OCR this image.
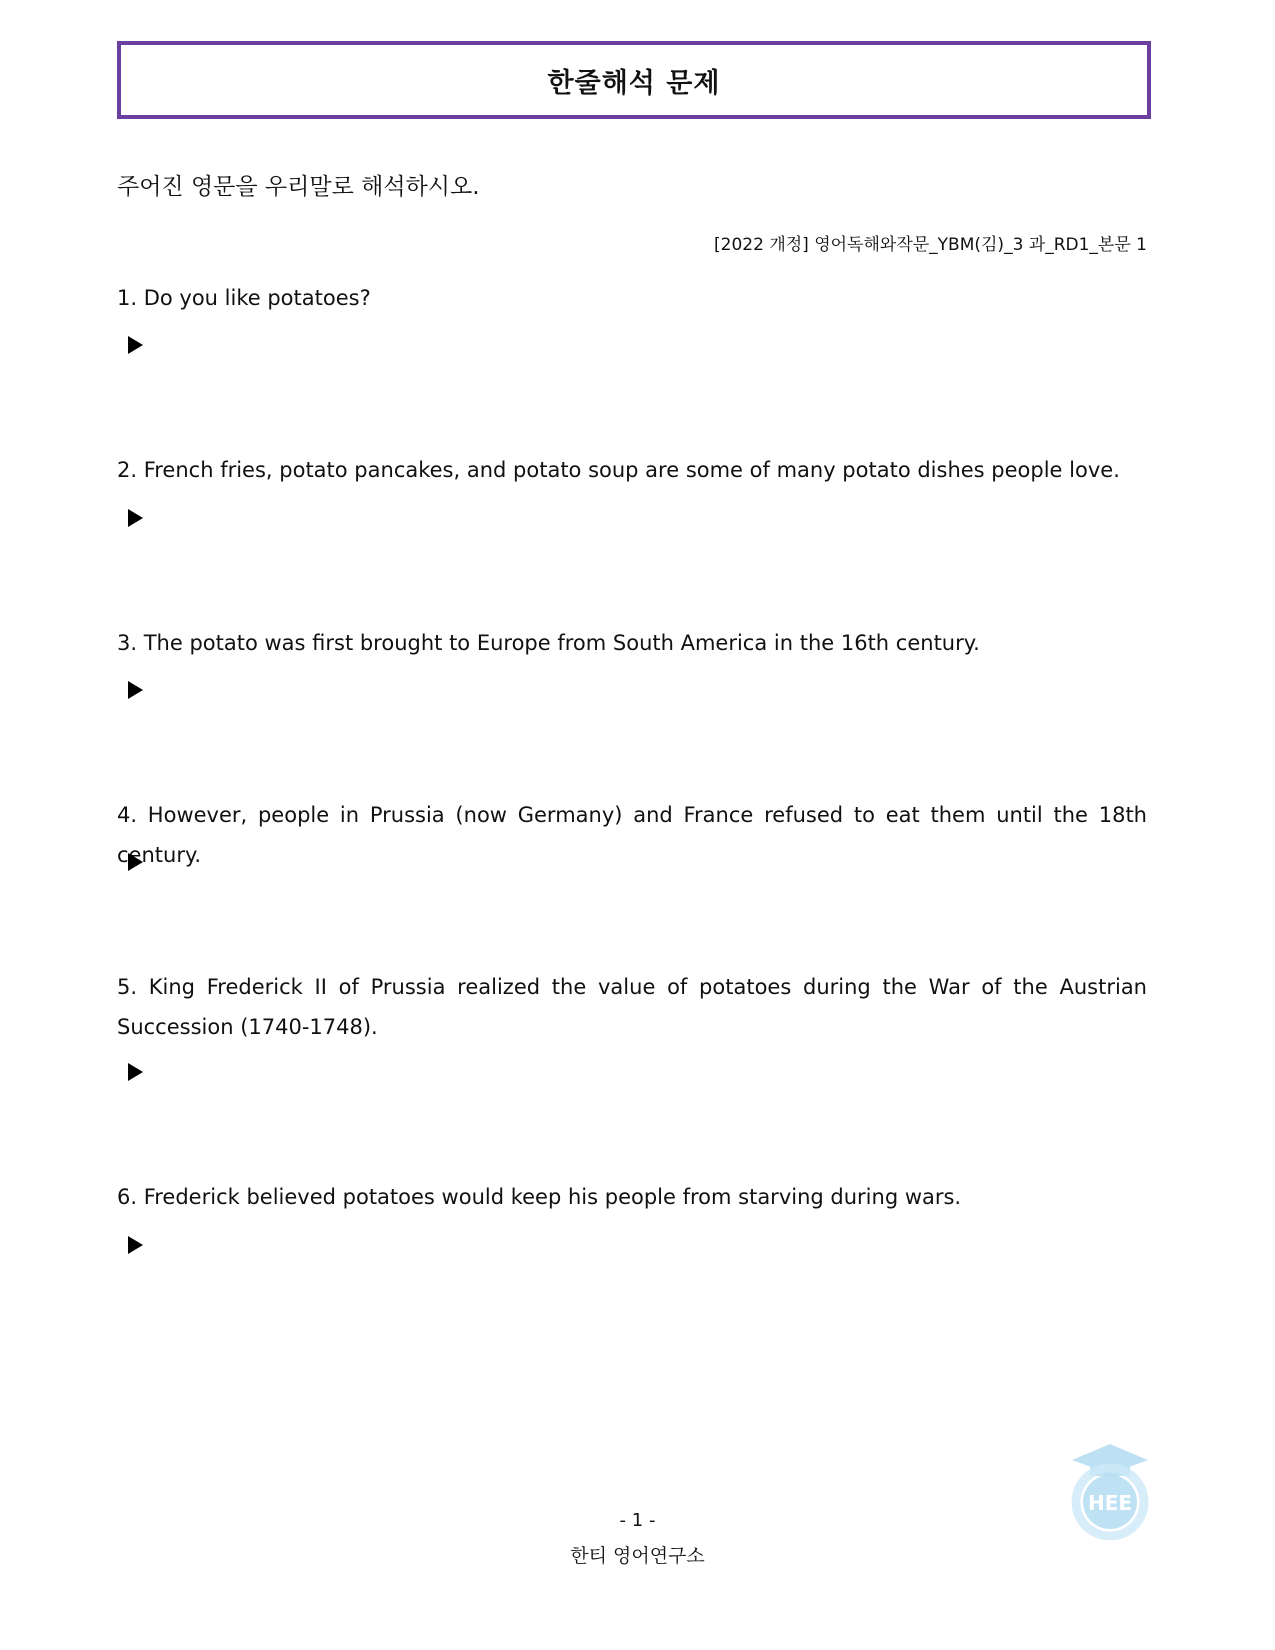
한줄해석 문제
주어진 영문을 우리말로 해석하시오.
[2022 개정] 영어독해와작문_YBM(김)_3 과_RD1_본문 1
1. Do you like potatoes?
2. French fries, potato pancakes, and potato soup are some of many potato dishes people love.
3. The potato was first brought to Europe from South America in the 16th century.
4. However, people in Prussia (now Germany) and France refused to eat them until the 18th century.
5. King Frederick II of Prussia realized the value of potatoes during the War of the Austrian Succession (1740-1748).
6. Frederick believed potatoes would keep his people from starving during wars.
- 1 -
한티 영어연구소
HEE
